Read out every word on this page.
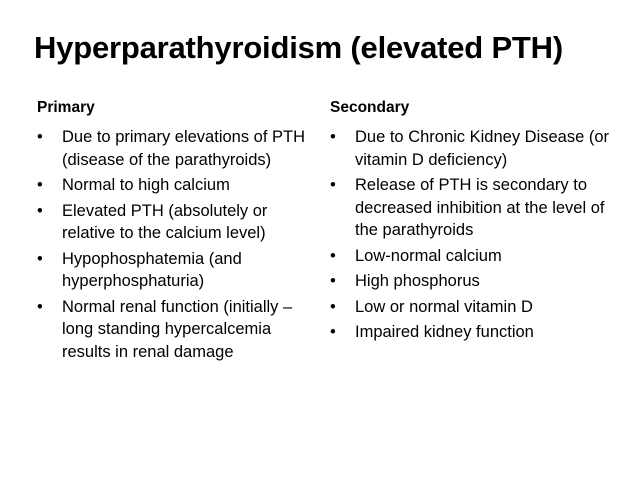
Hyperparathyroidism (elevated PTH)
Primary
•	Due to primary elevations of PTH (disease of the parathyroids)
•	Normal to high calcium
•	Elevated PTH (absolutely or relative to the calcium level)
•	Hypophosphatemia (and hyperphosphaturia)
•	Normal renal function (initially – long standing hypercalcemia results in renal damage
Secondary
•	Due to Chronic Kidney Disease (or vitamin D deficiency)
•	Release of PTH is secondary to decreased inhibition at the level of the parathyroids
•	Low-normal calcium
•	High phosphorus
•	Low or normal vitamin D
•	Impaired kidney function
